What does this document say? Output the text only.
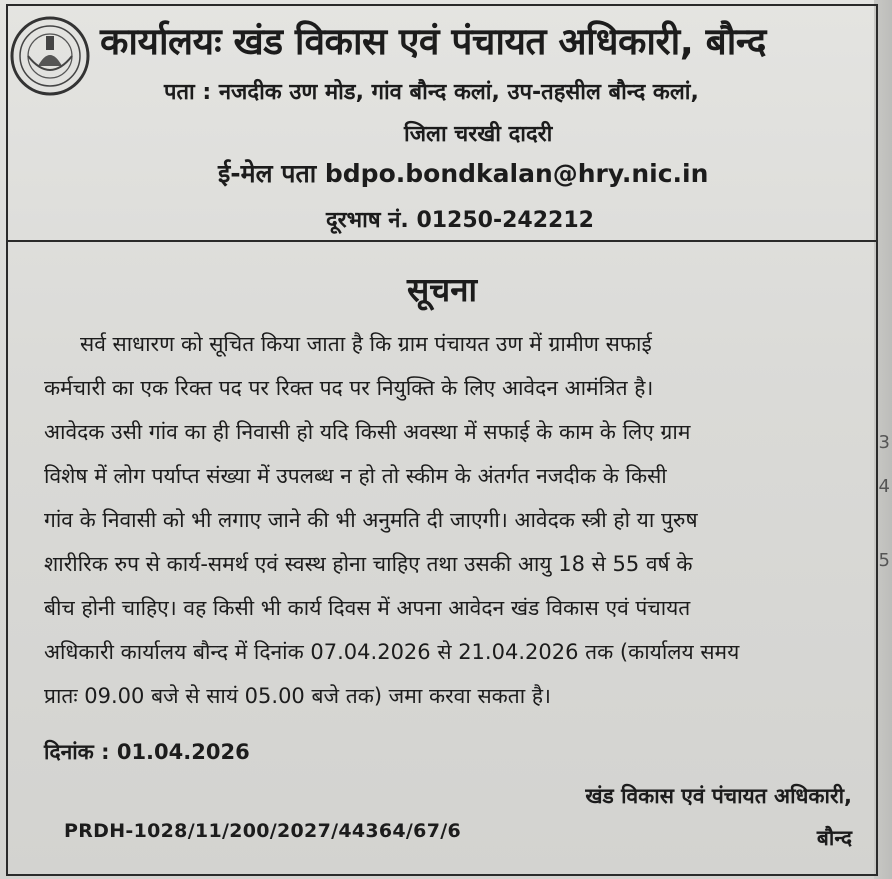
3
4
5
कार्यालयः खंड विकास एवं पंचायत अधिकारी, बौन्द
पता : नजदीक उण मोड, गांव बौन्द कलां, उप-तहसील बौन्द कलां,
जिला चरखी दादरी
ई-मेल पता bdpo.bondkalan@hry.nic.in
दूरभाष नं. 01250-242212
सूचना
सर्व साधारण को सूचित किया जाता है कि ग्राम पंचायत उण में ग्रामीण सफाई
कर्मचारी का एक रिक्त पद पर रिक्त पद पर नियुक्ति के लिए आवेदन आमंत्रित है।
आवेदक उसी गांव का ही निवासी हो यदि किसी अवस्था में सफाई के काम के लिए ग्राम
विशेष में लोग पर्याप्त संख्या में उपलब्ध न हो तो स्कीम के अंतर्गत नजदीक के किसी
गांव के निवासी को भी लगाए जाने की भी अनुमति दी जाएगी। आवेदक स्त्री हो या पुरुष
शारीरिक रुप से कार्य-समर्थ एवं स्वस्थ होना चाहिए तथा उसकी आयु 18 से 55 वर्ष के
बीच होनी चाहिए। वह किसी भी कार्य दिवस में अपना आवेदन खंड विकास एवं पंचायत
अधिकारी कार्यालय बौन्द में दिनांक 07.04.2026 से 21.04.2026 तक (कार्यालय समय
प्रातः 09.00 बजे से सायं 05.00 बजे तक) जमा करवा सकता है।
दिनांक : 01.04.2026
खंड विकास एवं पंचायत अधिकारी,
PRDH-1028/11/200/2027/44364/67/6	बौन्द
